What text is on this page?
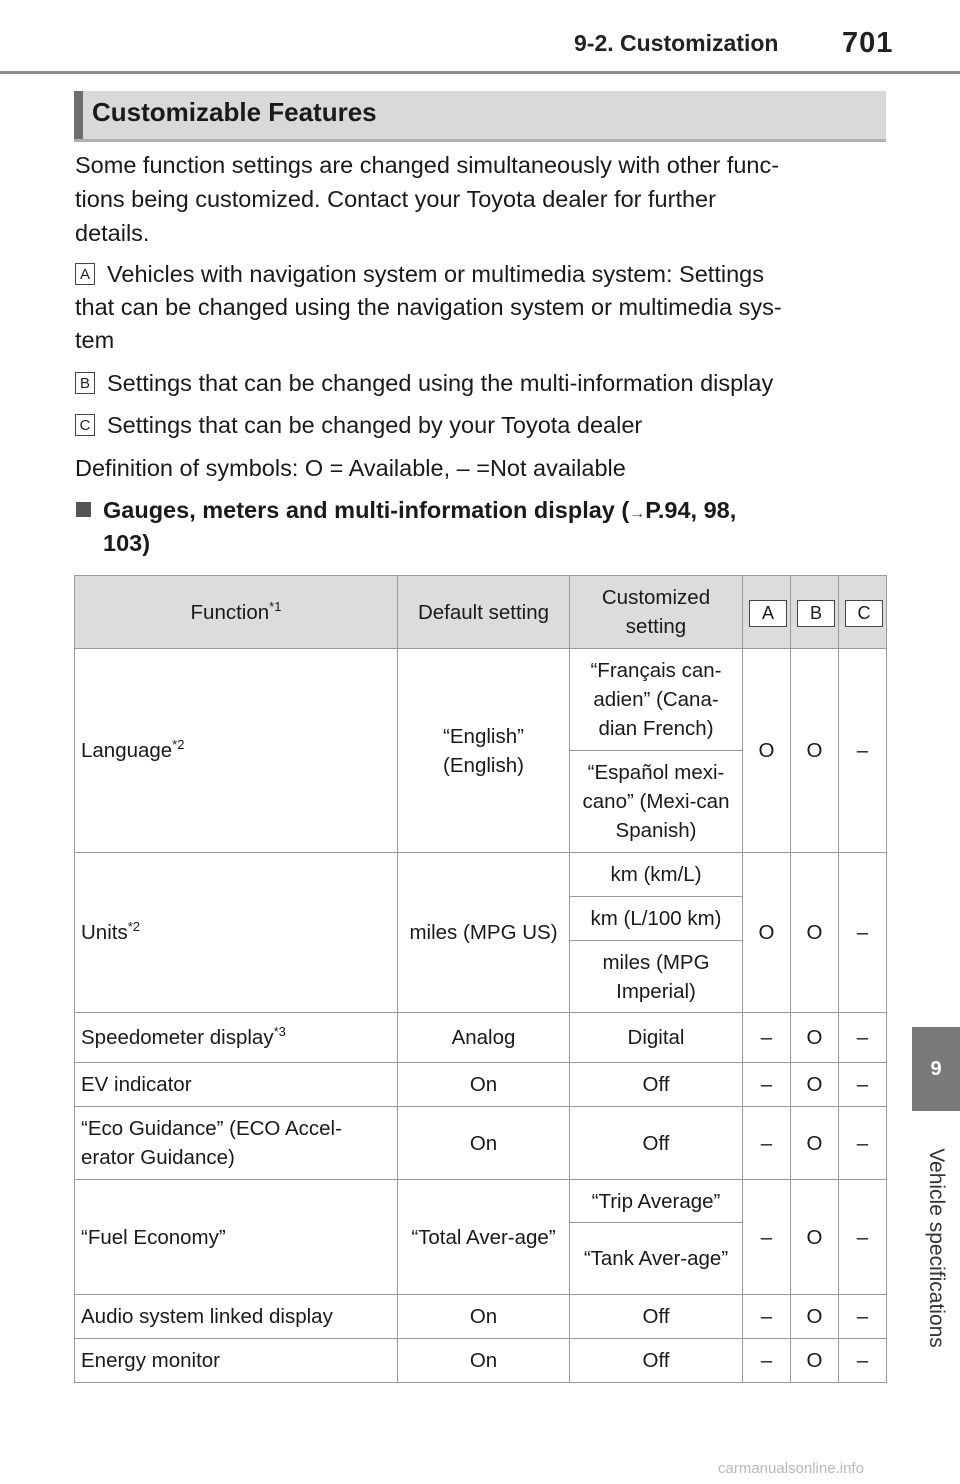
9-2. Customization 701
9
Vehicle specifications
Customizable Features
Some function settings are changed simultaneously with other func-
tions being customized. Contact your Toyota dealer for further
details.
A Vehicles with navigation system or multimedia system: Settings
that can be changed using the navigation system or multimedia sys-
tem
B Settings that can be changed using the multi-information display
C Settings that can be changed by your Toyota dealer
Definition of symbols: O = Available, – =Not available
Gauges, meters and multi-information display (→P.94, 98,
103)
Function$^{*1}$	Default setting	Customized setting	A	B	C
Language$^{*2}$	“English” (English)	“Français can-adien” (Cana-dian French)	O	O	–
		“Español mexi-cano” (Mexi-can Spanish)			
Units$^{*2}$	miles (MPG US)	km (km/L)	O	O	–
		km (L/100 km)			
		miles (MPG Imperial)			
Speedometer display$^{*3}$	Analog	Digital	–	O	–
EV indicator	On	Off	–	O	–
“Eco Guidance” (ECO Accel-erator Guidance)	On	Off	–	O	–
“Fuel Economy”	“Total Aver-age”	“Trip Average”	–	O	–
		“Tank Aver-age”			
Audio system linked display	On	Off	–	O	–
Energy monitor	On	Off	–	O	–
carmanualsonline.info
